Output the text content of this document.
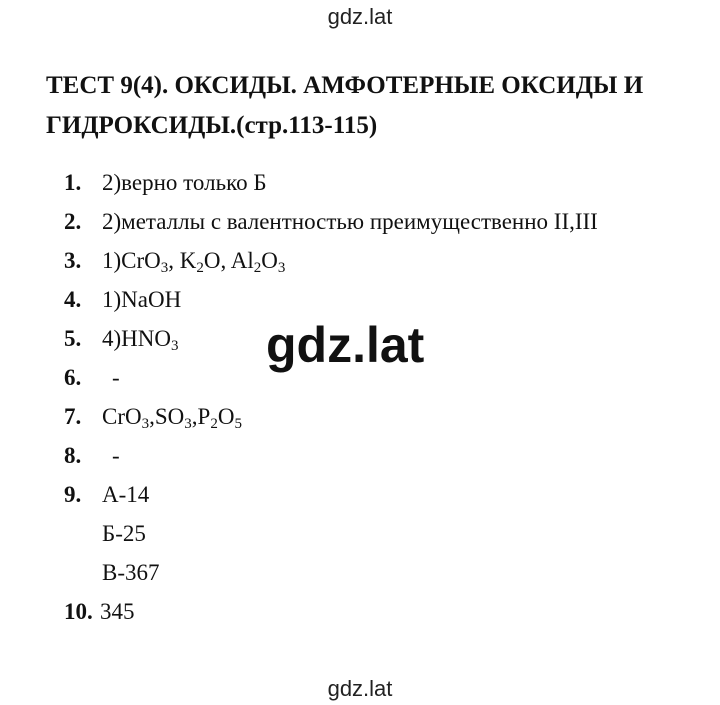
gdz.lat
ТЕСТ 9(4). ОКСИДЫ. АМФОТЕРНЫЕ ОКСИДЫ И ГИДРОКСИДЫ.(стр.113-115)
1. 2)верно только Б
2. 2)металлы с валентностью преимущественно II,III
3. 1)CrO$_3$, $K_2O$, $Al_2O_3$
4. 1)NaOH
5. $4)HNO_3$
6. -
7. $CrO_3,SO_3,P_2O_5$
8. -
9. А-14
Б-25
В-367
10. 345
gdz.lat
gdz.lat
